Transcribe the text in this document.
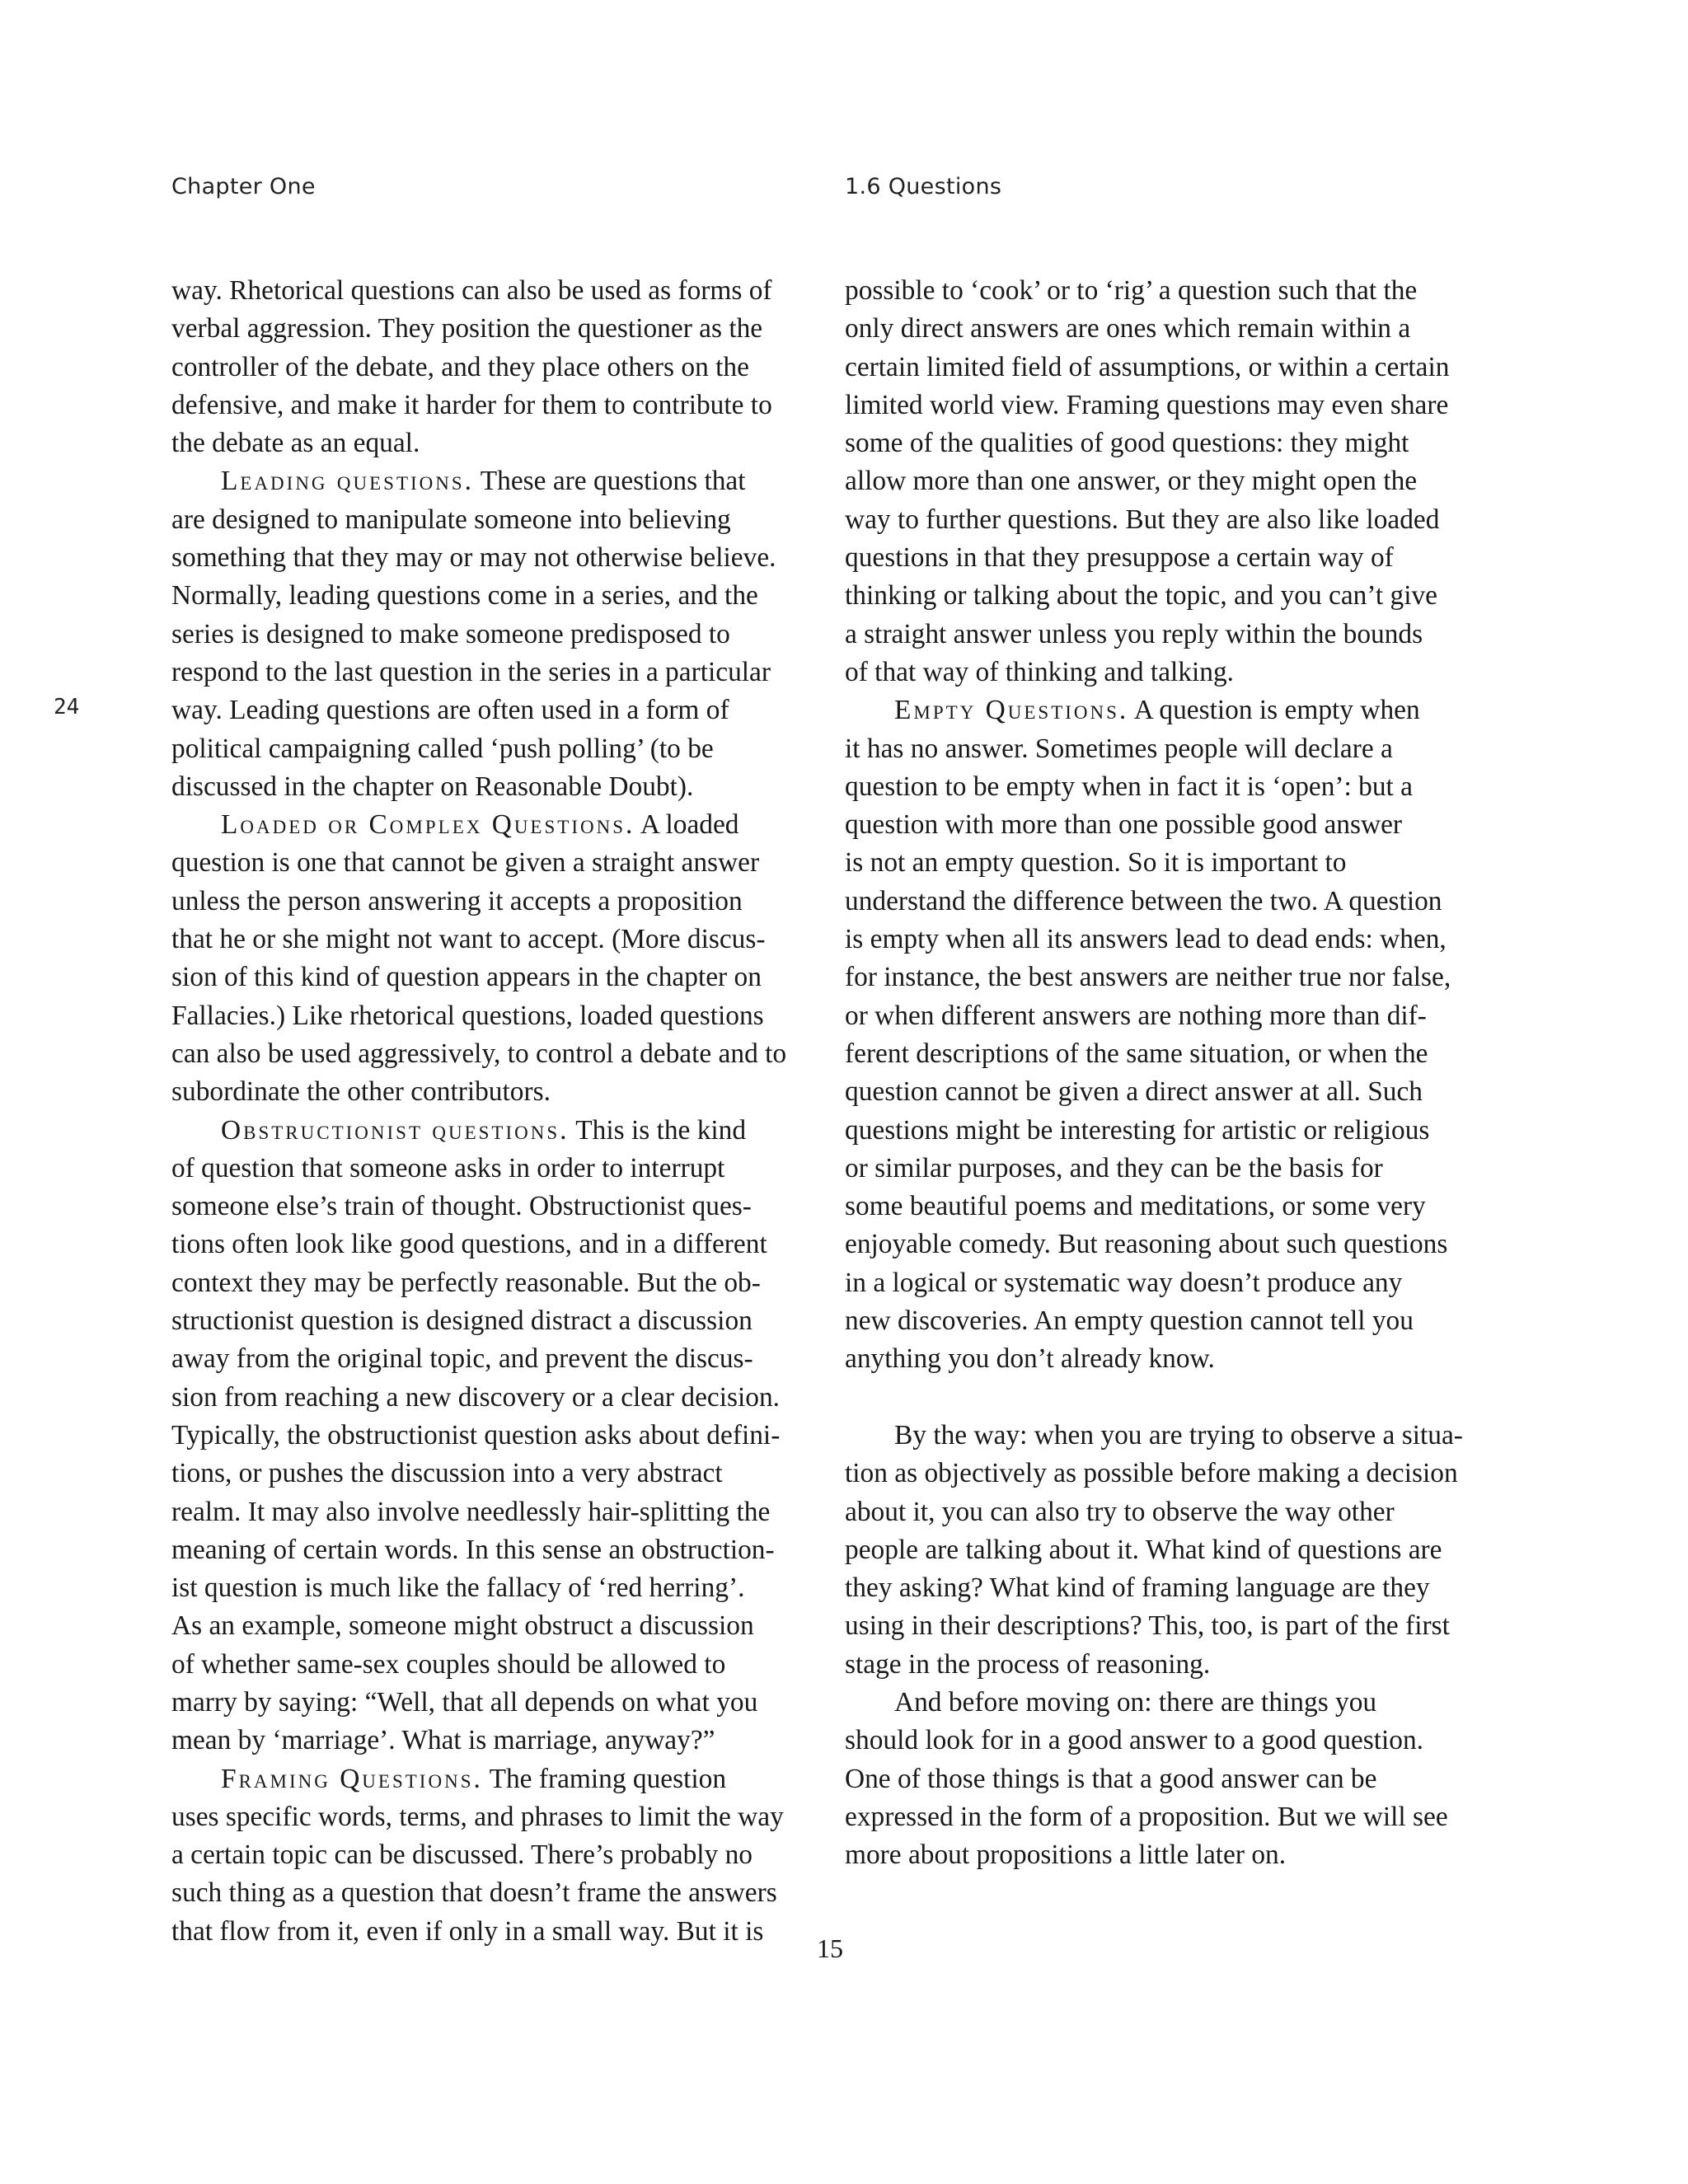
Chapter One	1.6 Questions
24

way. Rhetorical questions can also be used as forms of
verbal aggression. They position the questioner as the
controller of the debate, and they place others on the
defensive, and make it harder for them to contribute to
the debate as an equal.

Leading questions. These are questions that
are designed to manipulate someone into believing
something that they may or may not otherwise believe.
Normally, leading questions come in a series, and the
series is designed to make someone predisposed to
respond to the last question in the series in a particular
way. Leading questions are often used in a form of
political campaigning called ‘push polling’ (to be
discussed in the chapter on Reasonable Doubt).

Loaded or Complex Questions. A loaded
question is one that cannot be given a straight answer
unless the person answering it accepts a proposition
that he or she might not want to accept. (More discus-
sion of this kind of question appears in the chapter on
Fallacies.) Like rhetorical questions, loaded questions
can also be used aggressively, to control a debate and to
subordinate the other contributors.

Obstructionist questions. This is the kind
of question that someone asks in order to interrupt
someone else’s train of thought. Obstructionist ques-
tions often look like good questions, and in a different
context they may be perfectly reasonable. But the ob-
structionist question is designed distract a discussion
away from the original topic, and prevent the discus-
sion from reaching a new discovery or a clear decision.
Typically, the obstructionist question asks about defini-
tions, or pushes the discussion into a very abstract
realm. It may also involve needlessly hair-splitting the
meaning of certain words. In this sense an obstruction-
ist question is much like the fallacy of ‘red herring’.
As an example, someone might obstruct a discussion
of whether same-sex couples should be allowed to
marry by saying: “Well, that all depends on what you
mean by ‘marriage’. What is marriage, anyway?”

Framing Questions. The framing question
uses specific words, terms, and phrases to limit the way
a certain topic can be discussed. There’s probably no
such thing as a question that doesn’t frame the answers
that flow from it, even if only in a small way. But it is

possible to ‘cook’ or to ‘rig’ a question such that the
only direct answers are ones which remain within a
certain limited field of assumptions, or within a certain
limited world view. Framing questions may even share
some of the qualities of good questions: they might
allow more than one answer, or they might open the
way to further questions. But they are also like loaded
questions in that they presuppose a certain way of
thinking or talking about the topic, and you can’t give
a straight answer unless you reply within the bounds
of that way of thinking and talking.

Empty Questions. A question is empty when
it has no answer. Sometimes people will declare a
question to be empty when in fact it is ‘open’: but a
question with more than one possible good answer
is not an empty question. So it is important to
understand the difference between the two. A question
is empty when all its answers lead to dead ends: when,
for instance, the best answers are neither true nor false,
or when different answers are nothing more than dif-
ferent descriptions of the same situation, or when the
question cannot be given a direct answer at all. Such
questions might be interesting for artistic or religious
or similar purposes, and they can be the basis for
some beautiful poems and meditations, or some very
enjoyable comedy. But reasoning about such questions
in a logical or systematic way doesn’t produce any
new discoveries. An empty question cannot tell you
anything you don’t already know.

By the way: when you are trying to observe a situa-
tion as objectively as possible before making a decision
about it, you can also try to observe the way other
people are talking about it. What kind of questions are
they asking? What kind of framing language are they
using in their descriptions? This, too, is part of the first
stage in the process of reasoning.

And before moving on: there are things you
should look for in a good answer to a good question.
One of those things is that a good answer can be
expressed in the form of a proposition. But we will see
more about propositions a little later on.

15
